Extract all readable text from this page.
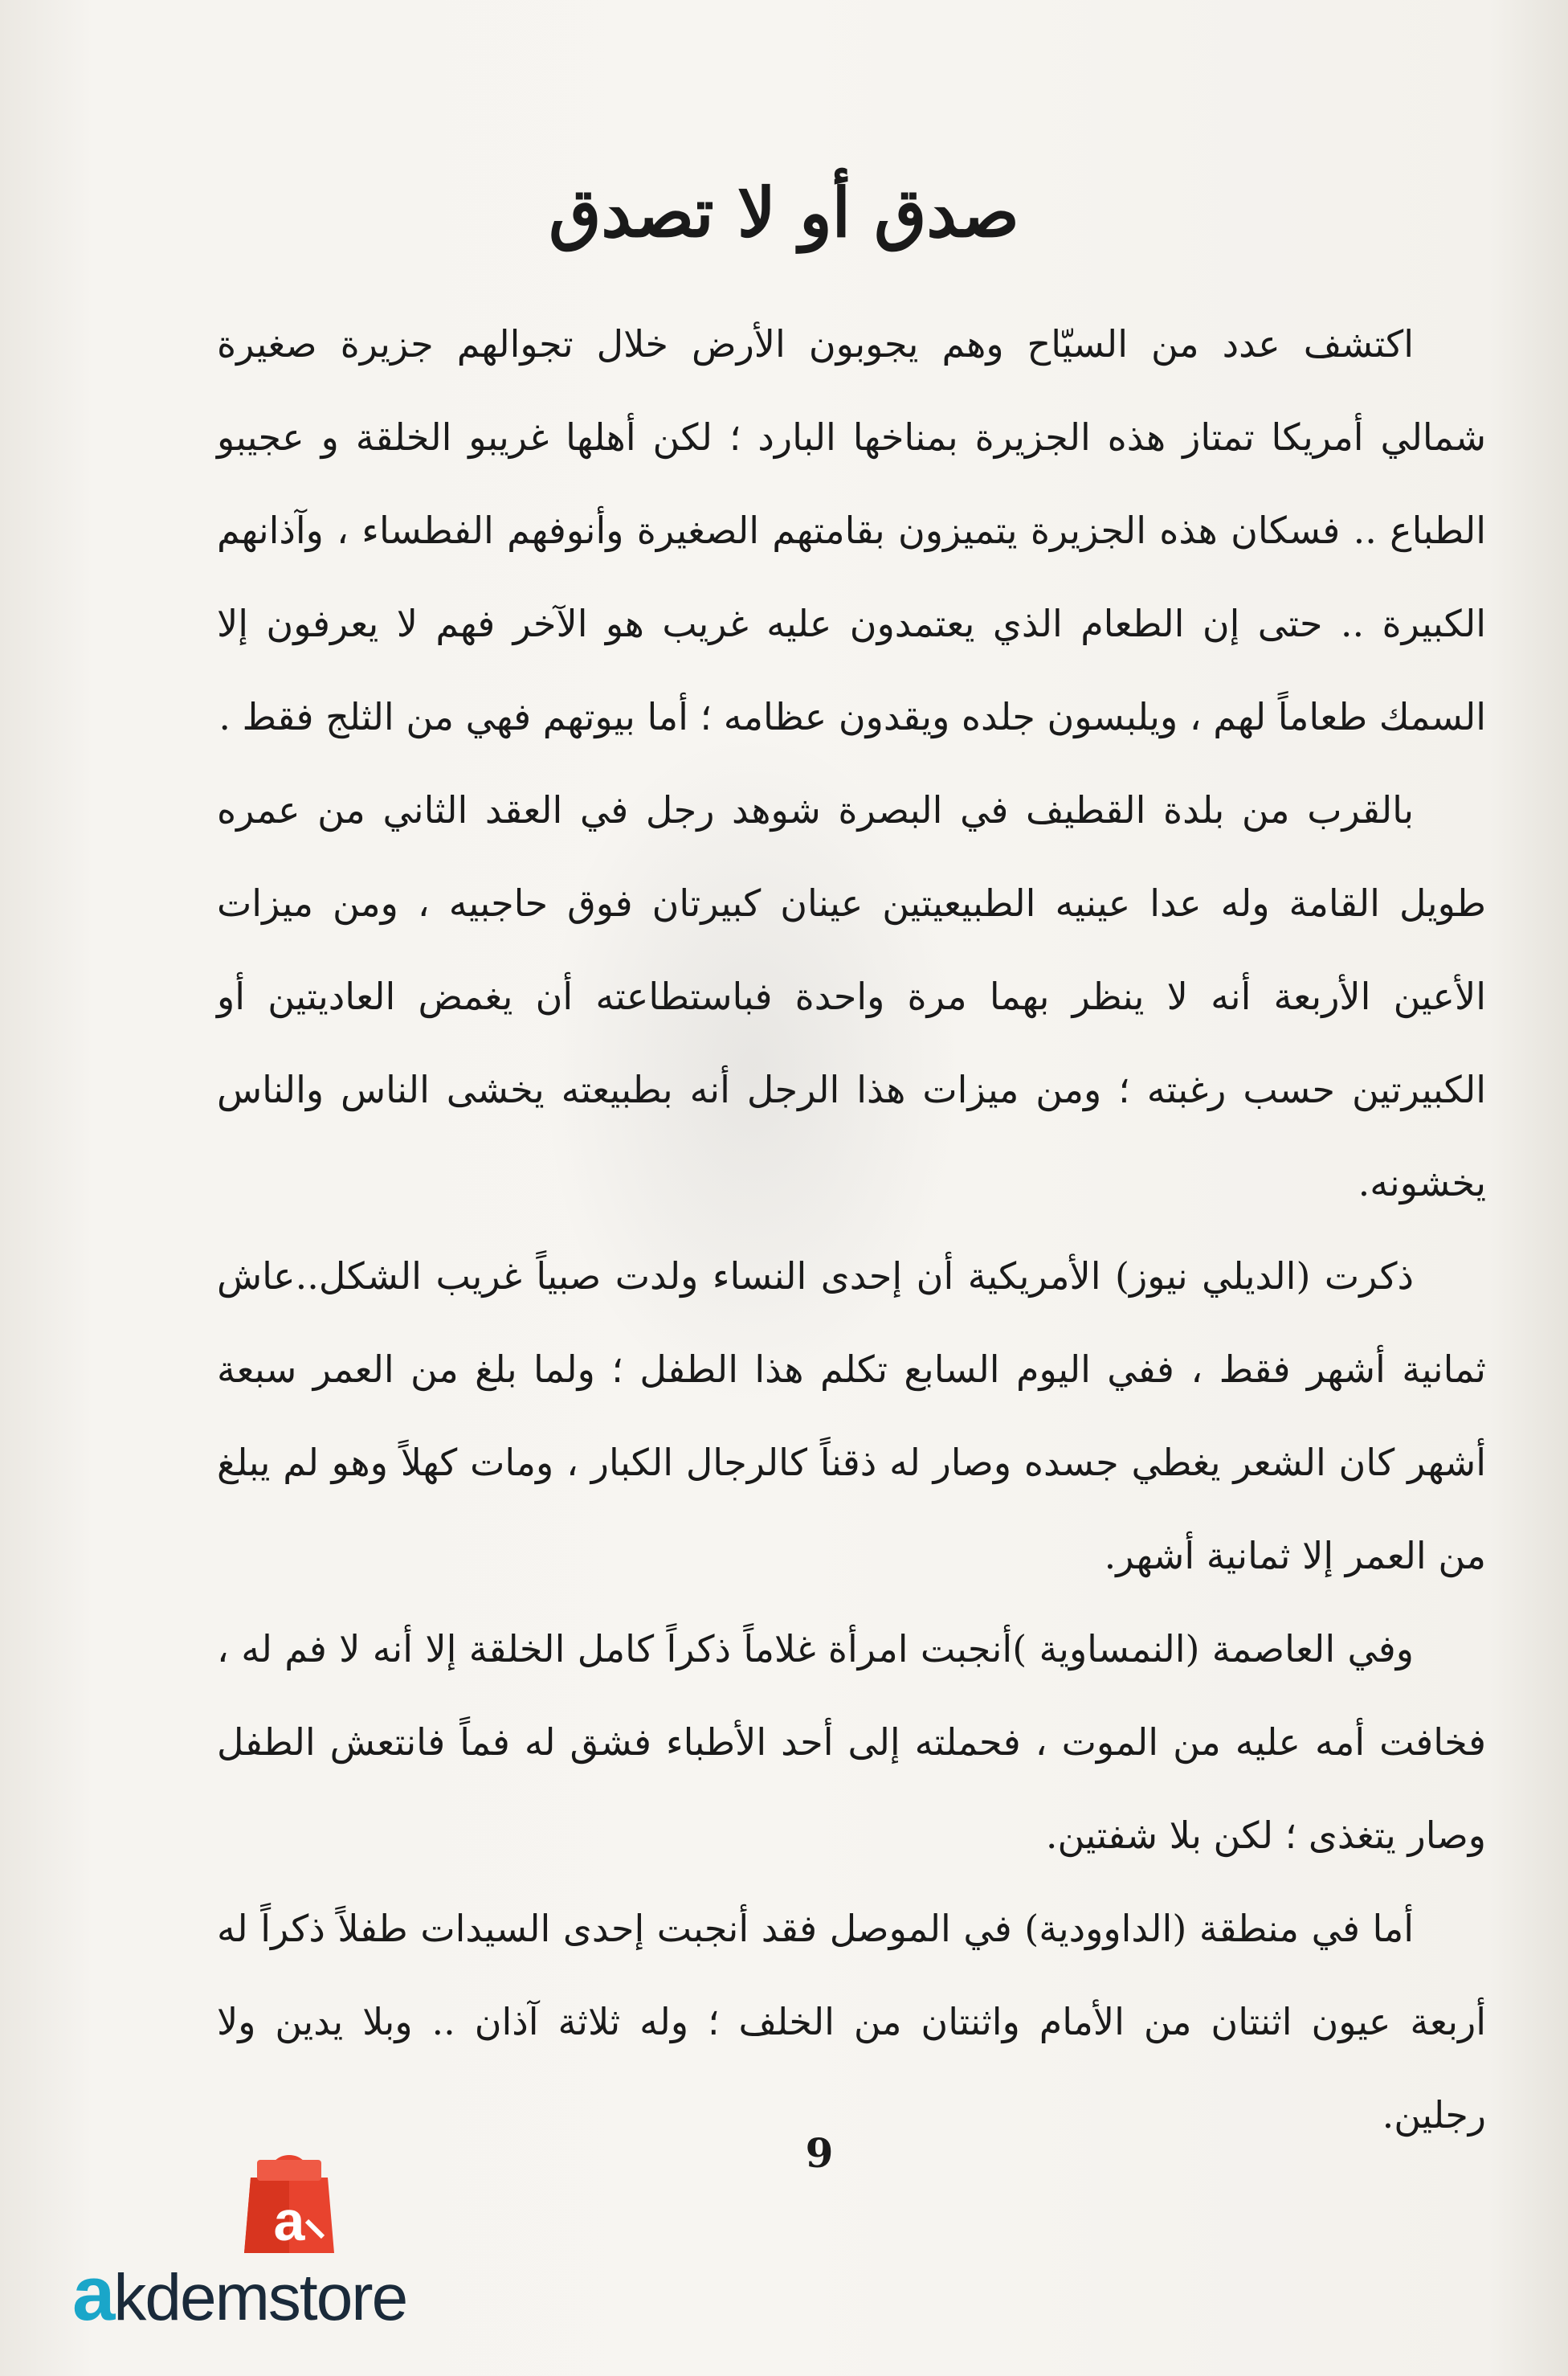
صدق أو لا تصدق

اكتشف عدد من السيّاح وهم يجوبون الأرض خلال تجوالهم جزيرة صغيرة شمالي أمريكا تمتاز هذه الجزيرة بمناخها البارد ؛ لكن أهلها غريبو الخلقة و عجيبو الطباع .. فسكان هذه الجزيرة يتميزون بقامتهم الصغيرة وأنوفهم الفطساء ، وآذانهم الكبيرة .. حتى إن الطعام الذي يعتمدون عليه غريب هو الآخر فهم لا يعرفون إلا السمك طعاماً لهم ، ويلبسون جلده ويقدون عظامه ؛ أما بيوتهم فهي من الثلج فقط .

بالقرب من بلدة القطيف في البصرة شوهد رجل في العقد الثاني من عمره طويل القامة وله عدا عينيه الطبيعيتين عينان كبيرتان فوق حاجبيه ، ومن ميزات الأعين الأربعة أنه لا ينظر بهما مرة واحدة فباستطاعته أن يغمض العاديتين أو الكبيرتين حسب رغبته ؛ ومن ميزات هذا الرجل أنه بطبيعته يخشى الناس والناس يخشونه.

ذكرت (الديلي نيوز) الأمريكية أن إحدى النساء ولدت صبياً غريب الشكل..عاش ثمانية أشهر فقط ، ففي اليوم السابع تكلم هذا الطفل ؛ ولما بلغ من العمر سبعة أشهر كان الشعر يغطي جسده وصار له ذقناً كالرجال الكبار ، ومات كهلاً وهو لم يبلغ من العمر إلا ثمانية أشهر.

وفي العاصمة (النمساوية )أنجبت امرأة غلاماً ذكراً كامل الخلقة إلا أنه لا فم له ، فخافت أمه عليه من الموت ، فحملته إلى أحد الأطباء فشق له فماً فانتعش الطفل وصار يتغذى ؛ لكن بلا شفتين.

أما في منطقة (الداوودية) في الموصل فقد أنجبت إحدى السيدات طفلاً ذكراً له أربعة عيون اثنتان من الأمام واثنتان من الخلف ؛ وله ثلاثة آذان .. وبلا يدين ولا رجلين.

9
a
akdemstore
